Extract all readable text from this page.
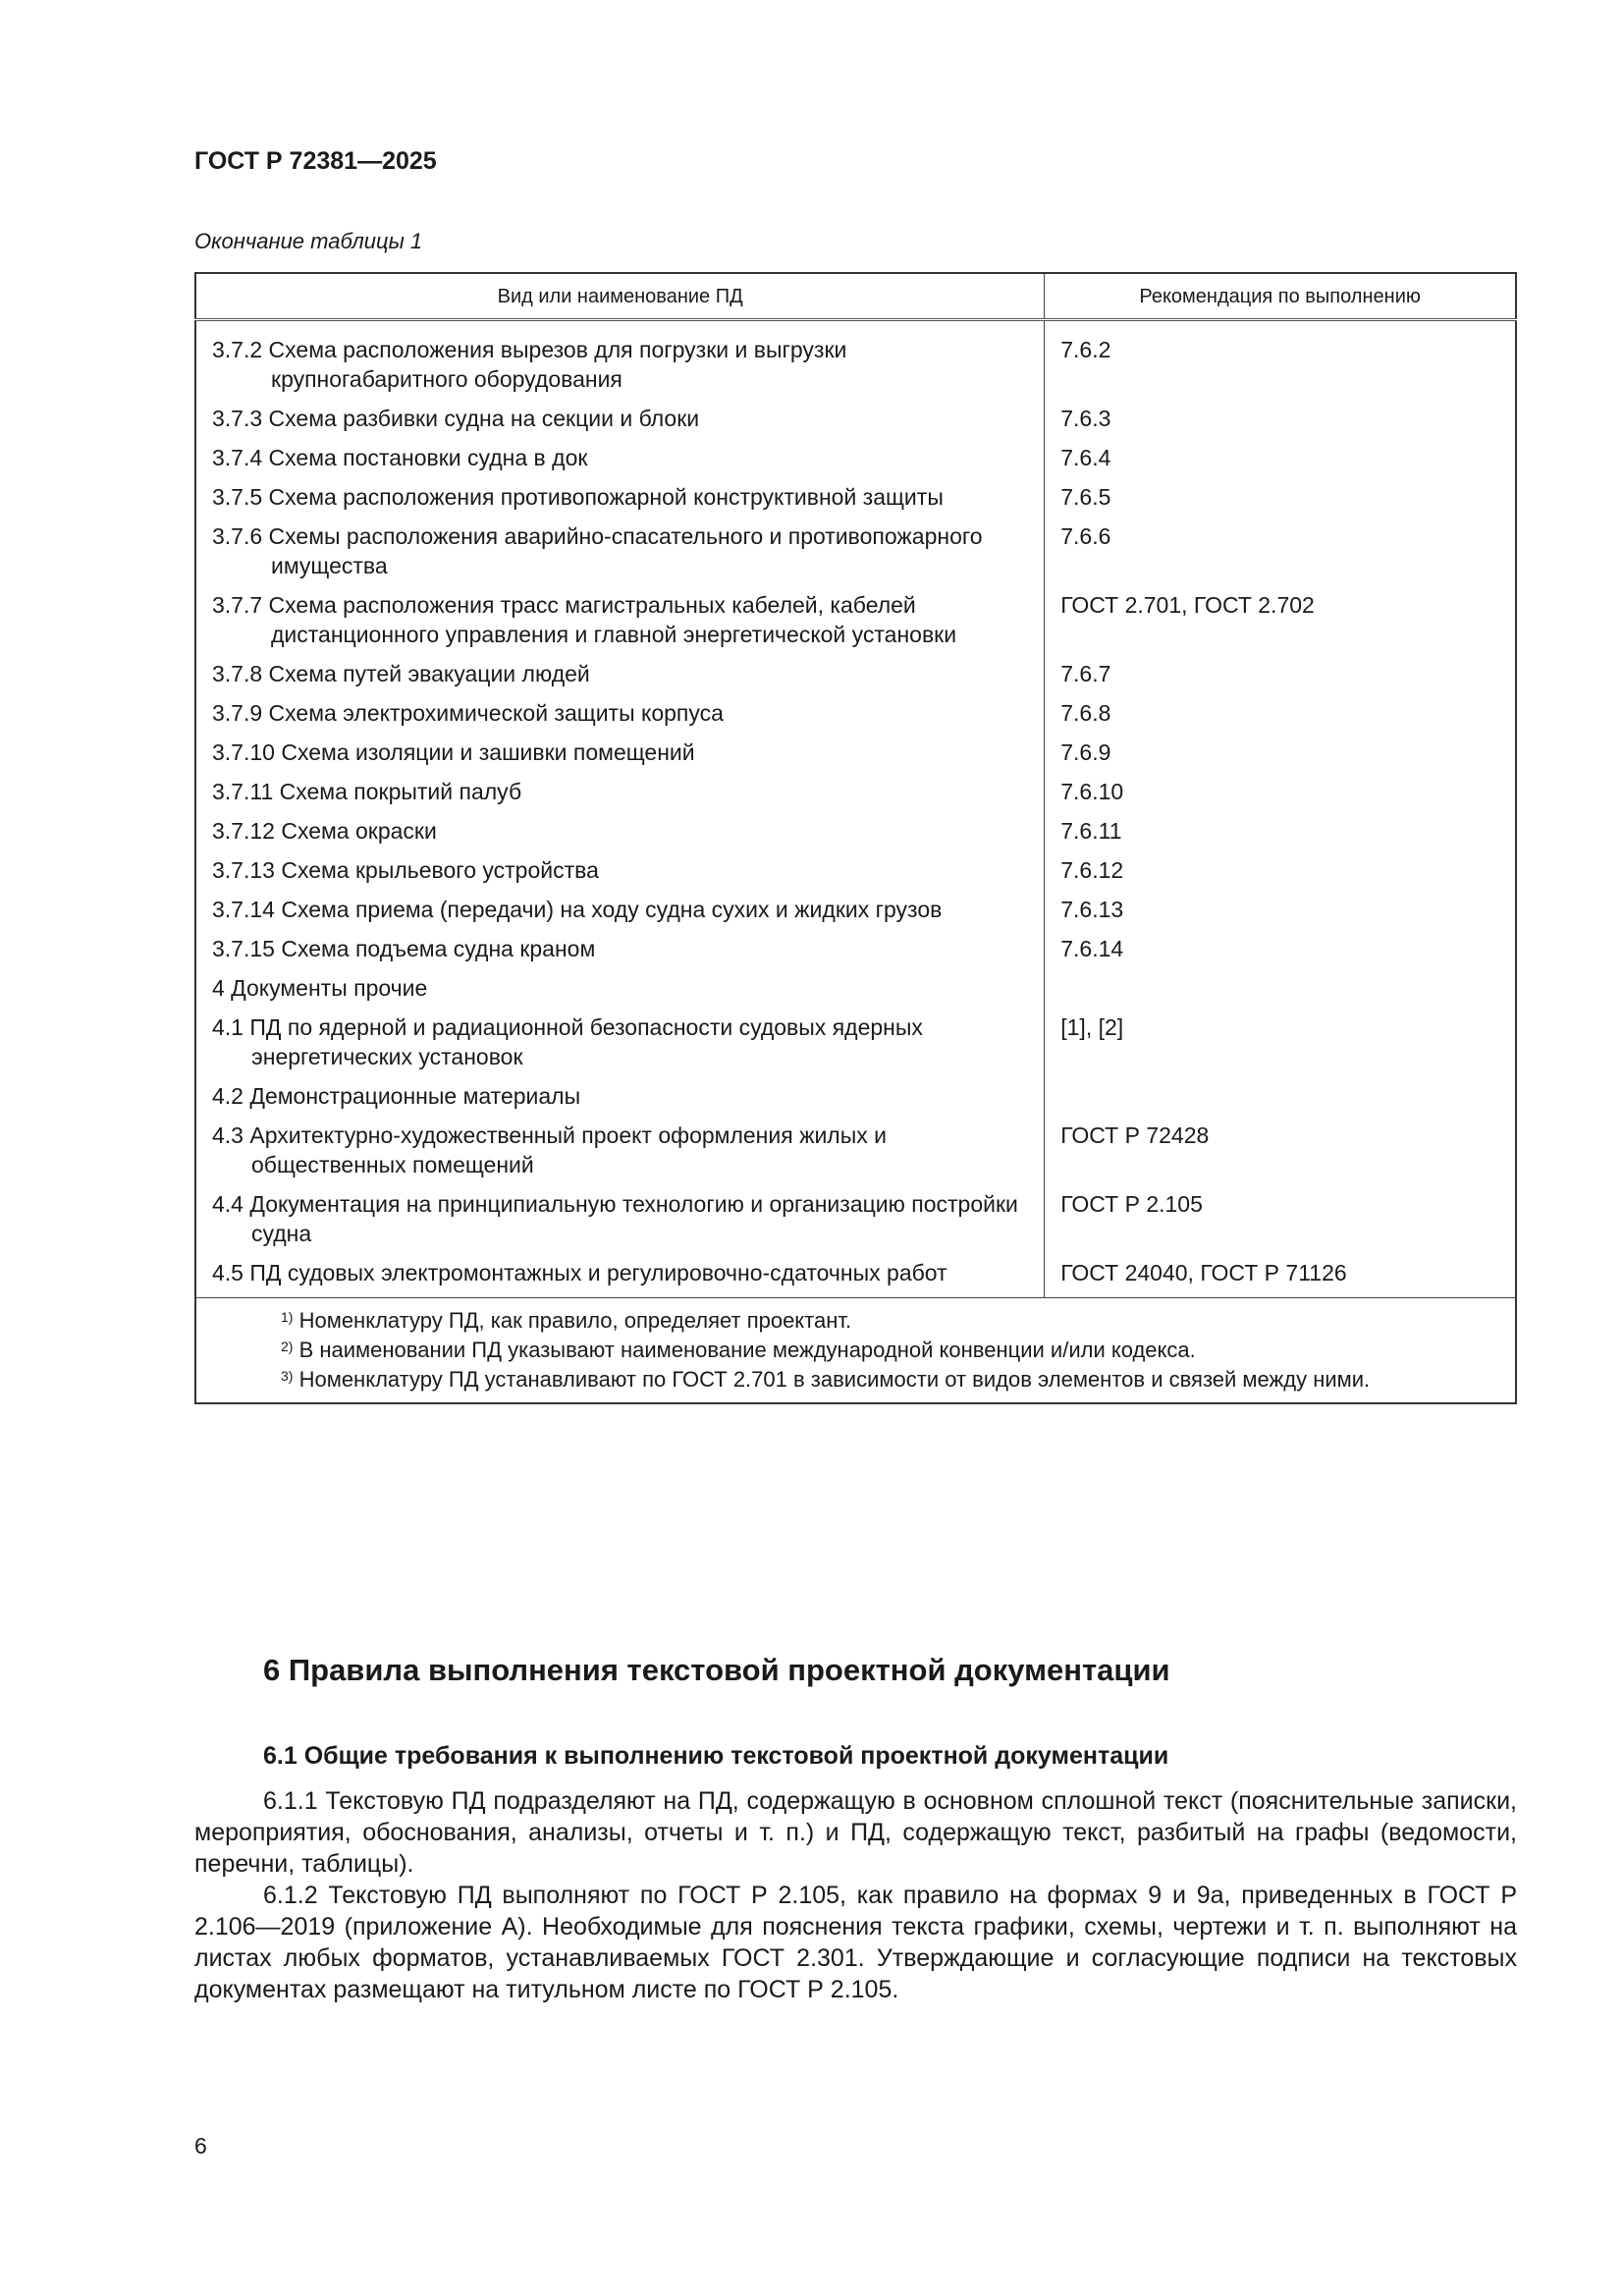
ГОСТ Р 72381—2025
Окончание таблицы 1
Вид или наименование ПД	Рекомендация по выполнению

3.7.2 Схема расположения вырезов для погрузки и выгрузки крупногабаритного оборудования	7.6.2

3.7.3 Схема разбивки судна на секции и блоки	7.6.3

3.7.4 Схема постановки судна в док	7.6.4

3.7.5 Схема расположения противопожарной конструктивной защиты	7.6.5

3.7.6 Схемы расположения аварийно-спасательного и противопожарного имущества	7.6.6

3.7.7 Схема расположения трасс магистральных кабелей, кабелей дистанционного управления и главной энергетической установки	ГОСТ 2.701, ГОСТ 2.702

3.7.8 Схема путей эвакуации людей	7.6.7

3.7.9 Схема электрохимической защиты корпуса	7.6.8

3.7.10 Схема изоляции и зашивки помещений	7.6.9

3.7.11 Схема покрытий палуб	7.6.10

3.7.12 Схема окраски	7.6.11

3.7.13 Схема крыльевого устройства	7.6.12

3.7.14 Схема приема (передачи) на ходу судна сухих и жидких грузов	7.6.13

3.7.15 Схема подъема судна краном	7.6.14

4 Документы прочие	

4.1 ПД по ядерной и радиационной безопасности судовых ядерных энергетических установок	[1], [2]

4.2 Демонстрационные материалы	

4.3 Архитектурно-художественный проект оформления жилых и общественных помещений	ГОСТ Р 72428

4.4 Документация на принципиальную технологию и организацию постройки судна	ГОСТ Р 2.105

4.5 ПД судовых электромонтажных и регулировочно-сдаточных работ	ГОСТ 24040, ГОСТ Р 71126

$^{1)}$ Номенклатуру ПД, как правило, определяет проектант.
$^{2)}$ В наименовании ПД указывают наименование международной конвенции и/или кодекса.
$^{3)}$ Номенклатуру ПД устанавливают по ГОСТ 2.701 в зависимости от видов элементов и связей между ними.	
6 Правила выполнения текстовой проектной документации
6.1 Общие требования к выполнению текстовой проектной документации

6.1.1 Текстовую ПД подразделяют на ПД, содержащую в основном сплошной текст (пояснительные записки, мероприятия, обоснования, анализы, отчеты и т. п.) и ПД, содержащую текст, разбитый на графы (ведомости, перечни, таблицы).

6.1.2 Текстовую ПД выполняют по ГОСТ Р 2.105, как правило на формах 9 и 9а, приведенных в ГОСТ Р 2.106—2019 (приложение А). Необходимые для пояснения текста графики, схемы, чертежи и т. п. выполняют на листах любых форматов, устанавливаемых ГОСТ 2.301. Утверждающие и согласующие подписи на текстовых документах размещают на титульном листе по ГОСТ Р 2.105.

6
